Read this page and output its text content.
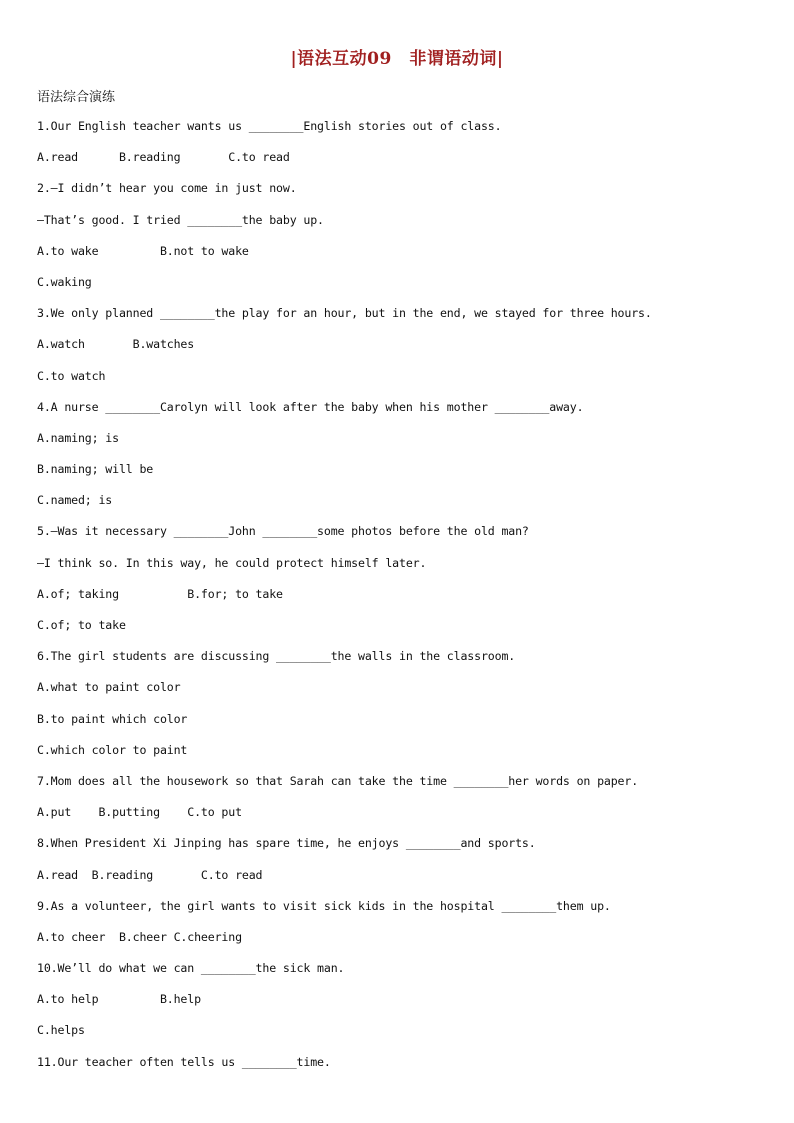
|语法互动09　非谓语动词|
语法综合演练
1.Our English teacher wants us ________English stories out of class.
A.read      B.reading       C.to read
2.—I didn’t hear you come in just now.
—That’s good. I tried ________the baby up.
A.to wake         B.not to wake
C.waking
3.We only planned ________the play for an hour, but in the end, we stayed for three hours.
A.watch       B.watches
C.to watch
4.A nurse ________Carolyn will look after the baby when his mother ________away.
A.naming; is
B.naming; will be
C.named; is
5.—Was it necessary ________John ________some photos before the old man?
—I think so. In this way, he could protect himself later.
A.of; taking          B.for; to take
C.of; to take
6.The girl students are discussing ________the walls in the classroom.
A.what to paint color
B.to paint which color
C.which color to paint
7.Mom does all the housework so that Sarah can take the time ________her words on paper.
A.put    B.putting    C.to put
8.When President Xi Jinping has spare time, he enjoys ________and sports.
A.read  B.reading       C.to read
9.As a volunteer, the girl wants to visit sick kids in the hospital ________them up.
A.to cheer  B.cheer C.cheering
10.We’ll do what we can ________the sick man.
A.to help         B.help
C.helps
11.Our teacher often tells us ________time.
